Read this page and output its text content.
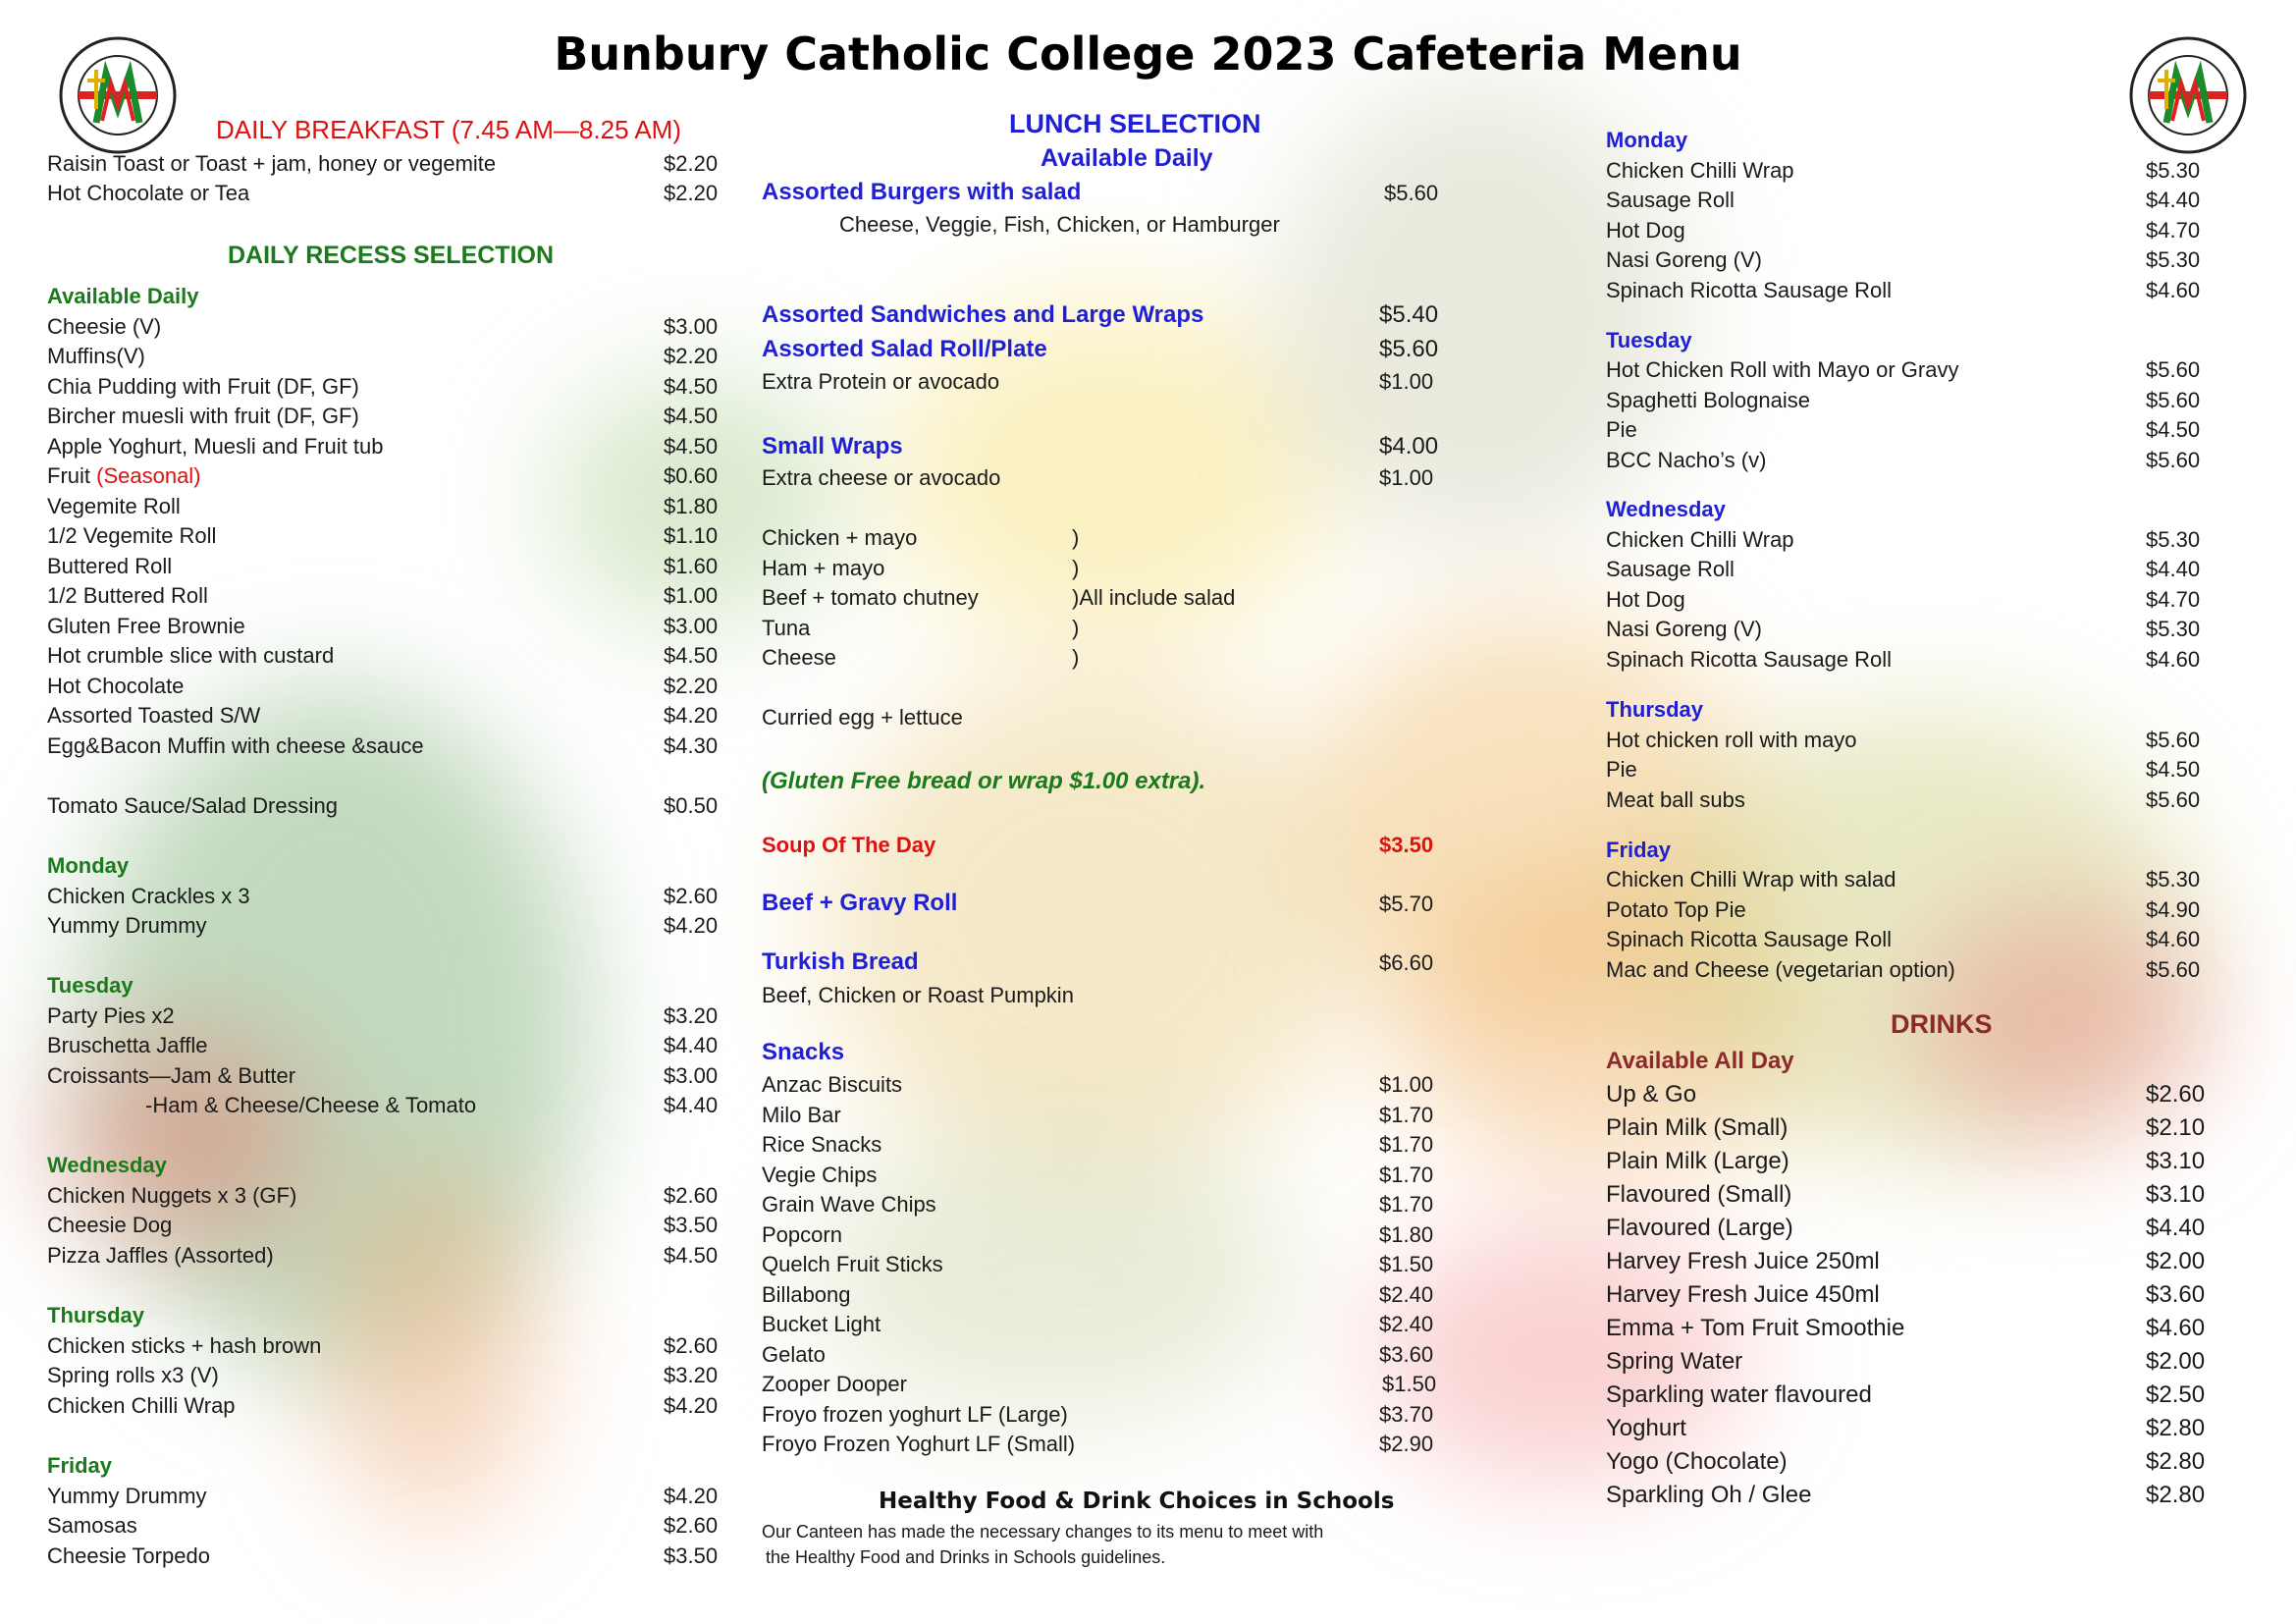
Bunbury Catholic College 2023 Cafeteria Menu
DAILY BREAKFAST (7.45 AM—8.25 AM)
Raisin Toast or Toast + jam, honey or vegemite	$2.20
Hot Chocolate or Tea	$2.20
DAILY RECESS SELECTION
Available Daily
Cheesie (V)	$3.00
Muffins(V)	$2.20
Chia Pudding with Fruit (DF, GF)	$4.50
Bircher muesli with fruit (DF, GF)	$4.50
Apple Yoghurt, Muesli and Fruit tub	$4.50
Fruit (Seasonal)	$0.60
Vegemite Roll	$1.80
1/2 Vegemite Roll	$1.10
Buttered Roll	$1.60
1/2 Buttered Roll	$1.00
Gluten Free Brownie	$3.00
Hot crumble slice with custard	$4.50
Hot Chocolate	$2.20
Assorted Toasted S/W	$4.20
Egg&Bacon Muffin with cheese &sauce	$4.30
Tomato Sauce/Salad Dressing	$0.50
Monday
Chicken Crackles x 3	$2.60
Yummy Drummy	$4.20
Tuesday
Party Pies x2	$3.20
Bruschetta Jaffle	$4.40
Croissants—Jam & Butter	$3.00
-Ham & Cheese/Cheese & Tomato	$4.40
Wednesday
Chicken Nuggets x 3 (GF)	$2.60
Cheesie Dog	$3.50
Pizza Jaffles (Assorted)	$4.50
Thursday
Chicken sticks + hash brown	$2.60
Spring rolls x3 (V)	$3.20
Chicken Chilli Wrap	$4.20
Friday
Yummy Drummy	$4.20
Samosas	$2.60
Cheesie Torpedo	$3.50
LUNCH SELECTION
Available Daily
Assorted Burgers with salad	$5.60
Cheese, Veggie, Fish, Chicken, or Hamburger
Assorted Sandwiches and Large Wraps	$5.40
Assorted Salad Roll/Plate	$5.60
Extra Protein or avocado	$1.00
Small Wraps	$4.00
Extra cheese or avocado	$1.00
Chicken + mayo	)
Ham + mayo	)
Beef + tomato chutney	)All include salad
Tuna	)
Cheese	)
Curried egg + lettuce
(Gluten Free bread or wrap $1.00 extra).
Soup Of The Day	$3.50
Beef + Gravy Roll	$5.70
Turkish Bread	$6.60
Beef, Chicken or Roast Pumpkin
Snacks
Anzac Biscuits	$1.00
Milo Bar	$1.70
Rice Snacks	$1.70
Vegie Chips	$1.70
Grain Wave Chips	$1.70
Popcorn	$1.80
Quelch Fruit Sticks	$1.50
Billabong	$2.40
Bucket Light	$2.40
Gelato	$3.60
Zooper Dooper	$1.50
Froyo frozen yoghurt LF (Large)	$3.70
Froyo Frozen Yoghurt LF (Small)	$2.90
Healthy Food & Drink Choices in Schools
Our Canteen has made the necessary changes to its menu to meet with
the Healthy Food and Drinks in Schools guidelines.
Monday
Chicken Chilli Wrap	$5.30
Sausage Roll	$4.40
Hot Dog	$4.70
Nasi Goreng (V)	$5.30
Spinach Ricotta Sausage Roll	$4.60
Tuesday
Hot Chicken Roll with Mayo or Gravy	$5.60
Spaghetti Bolognaise	$5.60
Pie	$4.50
BCC Nacho’s (v)	$5.60
Wednesday
Chicken Chilli Wrap	$5.30
Sausage Roll	$4.40
Hot Dog	$4.70
Nasi Goreng (V)	$5.30
Spinach Ricotta Sausage Roll	$4.60
Thursday
Hot chicken roll with mayo	$5.60
Pie	$4.50
Meat ball subs	$5.60
Friday
Chicken Chilli Wrap with salad	$5.30
Potato Top Pie	$4.90
Spinach Ricotta Sausage Roll	$4.60
Mac and Cheese (vegetarian option)	$5.60
DRINKS
Available All Day
Up & Go	$2.60
Plain Milk (Small)	$2.10
Plain Milk (Large)	$3.10
Flavoured (Small)	$3.10
Flavoured (Large)	$4.40
Harvey Fresh Juice 250ml	$2.00
Harvey Fresh Juice 450ml	$3.60
Emma + Tom Fruit Smoothie	$4.60
Spring Water	$2.00
Sparkling water flavoured	$2.50
Yoghurt	$2.80
Yogo (Chocolate)	$2.80
Sparkling Oh / Glee	$2.80
